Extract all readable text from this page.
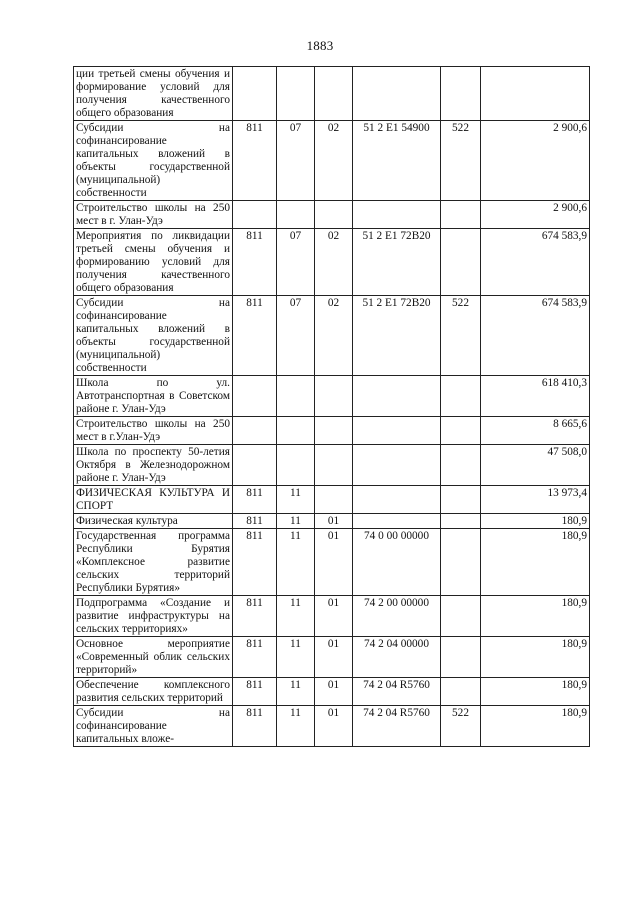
1883
ции третьей смены обучения и формирование условий для получения качественного общего образования						
Субсидии на софинансирование капитальных вложений в объекты государственной (муниципальной) собственности	811	07	02	51 2 E1 54900	522	2 900,6
Строительство школы на 250 мест в г. Улан-Удэ						2 900,6
Мероприятия по ликвидации третьей смены обучения и формированию условий для получения качественного общего образования	811	07	02	51 2 E1 72B20		674 583,9
Субсидии на софинансирование капитальных вложений в объекты государственной (муниципальной) собственности	811	07	02	51 2 E1 72B20	522	674 583,9
Школа по ул. Автотранспортная в Советском районе г. Улан-Удэ						618 410,3
Строительство школы на 250 мест в г.Улан-Удэ						8 665,6
Школа по проспекту 50-летия Октября в Железнодорожном районе г. Улан-Удэ						47 508,0
ФИЗИЧЕСКАЯ КУЛЬТУРА И СПОРТ	811	11				13 973,4
Физическая культура	811	11	01			180,9
Государственная программа Республики Бурятия «Комплексное развитие сельских территорий Республики Бурятия»	811	11	01	74 0 00 00000		180,9
Подпрограмма «Создание и развитие инфраструктуры на сельских территориях»	811	11	01	74 2 00 00000		180,9
Основное мероприятие «Современный облик сельских территорий»	811	11	01	74 2 04 00000		180,9
Обеспечение комплексного развития сельских территорий	811	11	01	74 2 04 R5760		180,9
Субсидии на софинансирование капитальных вложе-	811	11	01	74 2 04 R5760	522	180,9
